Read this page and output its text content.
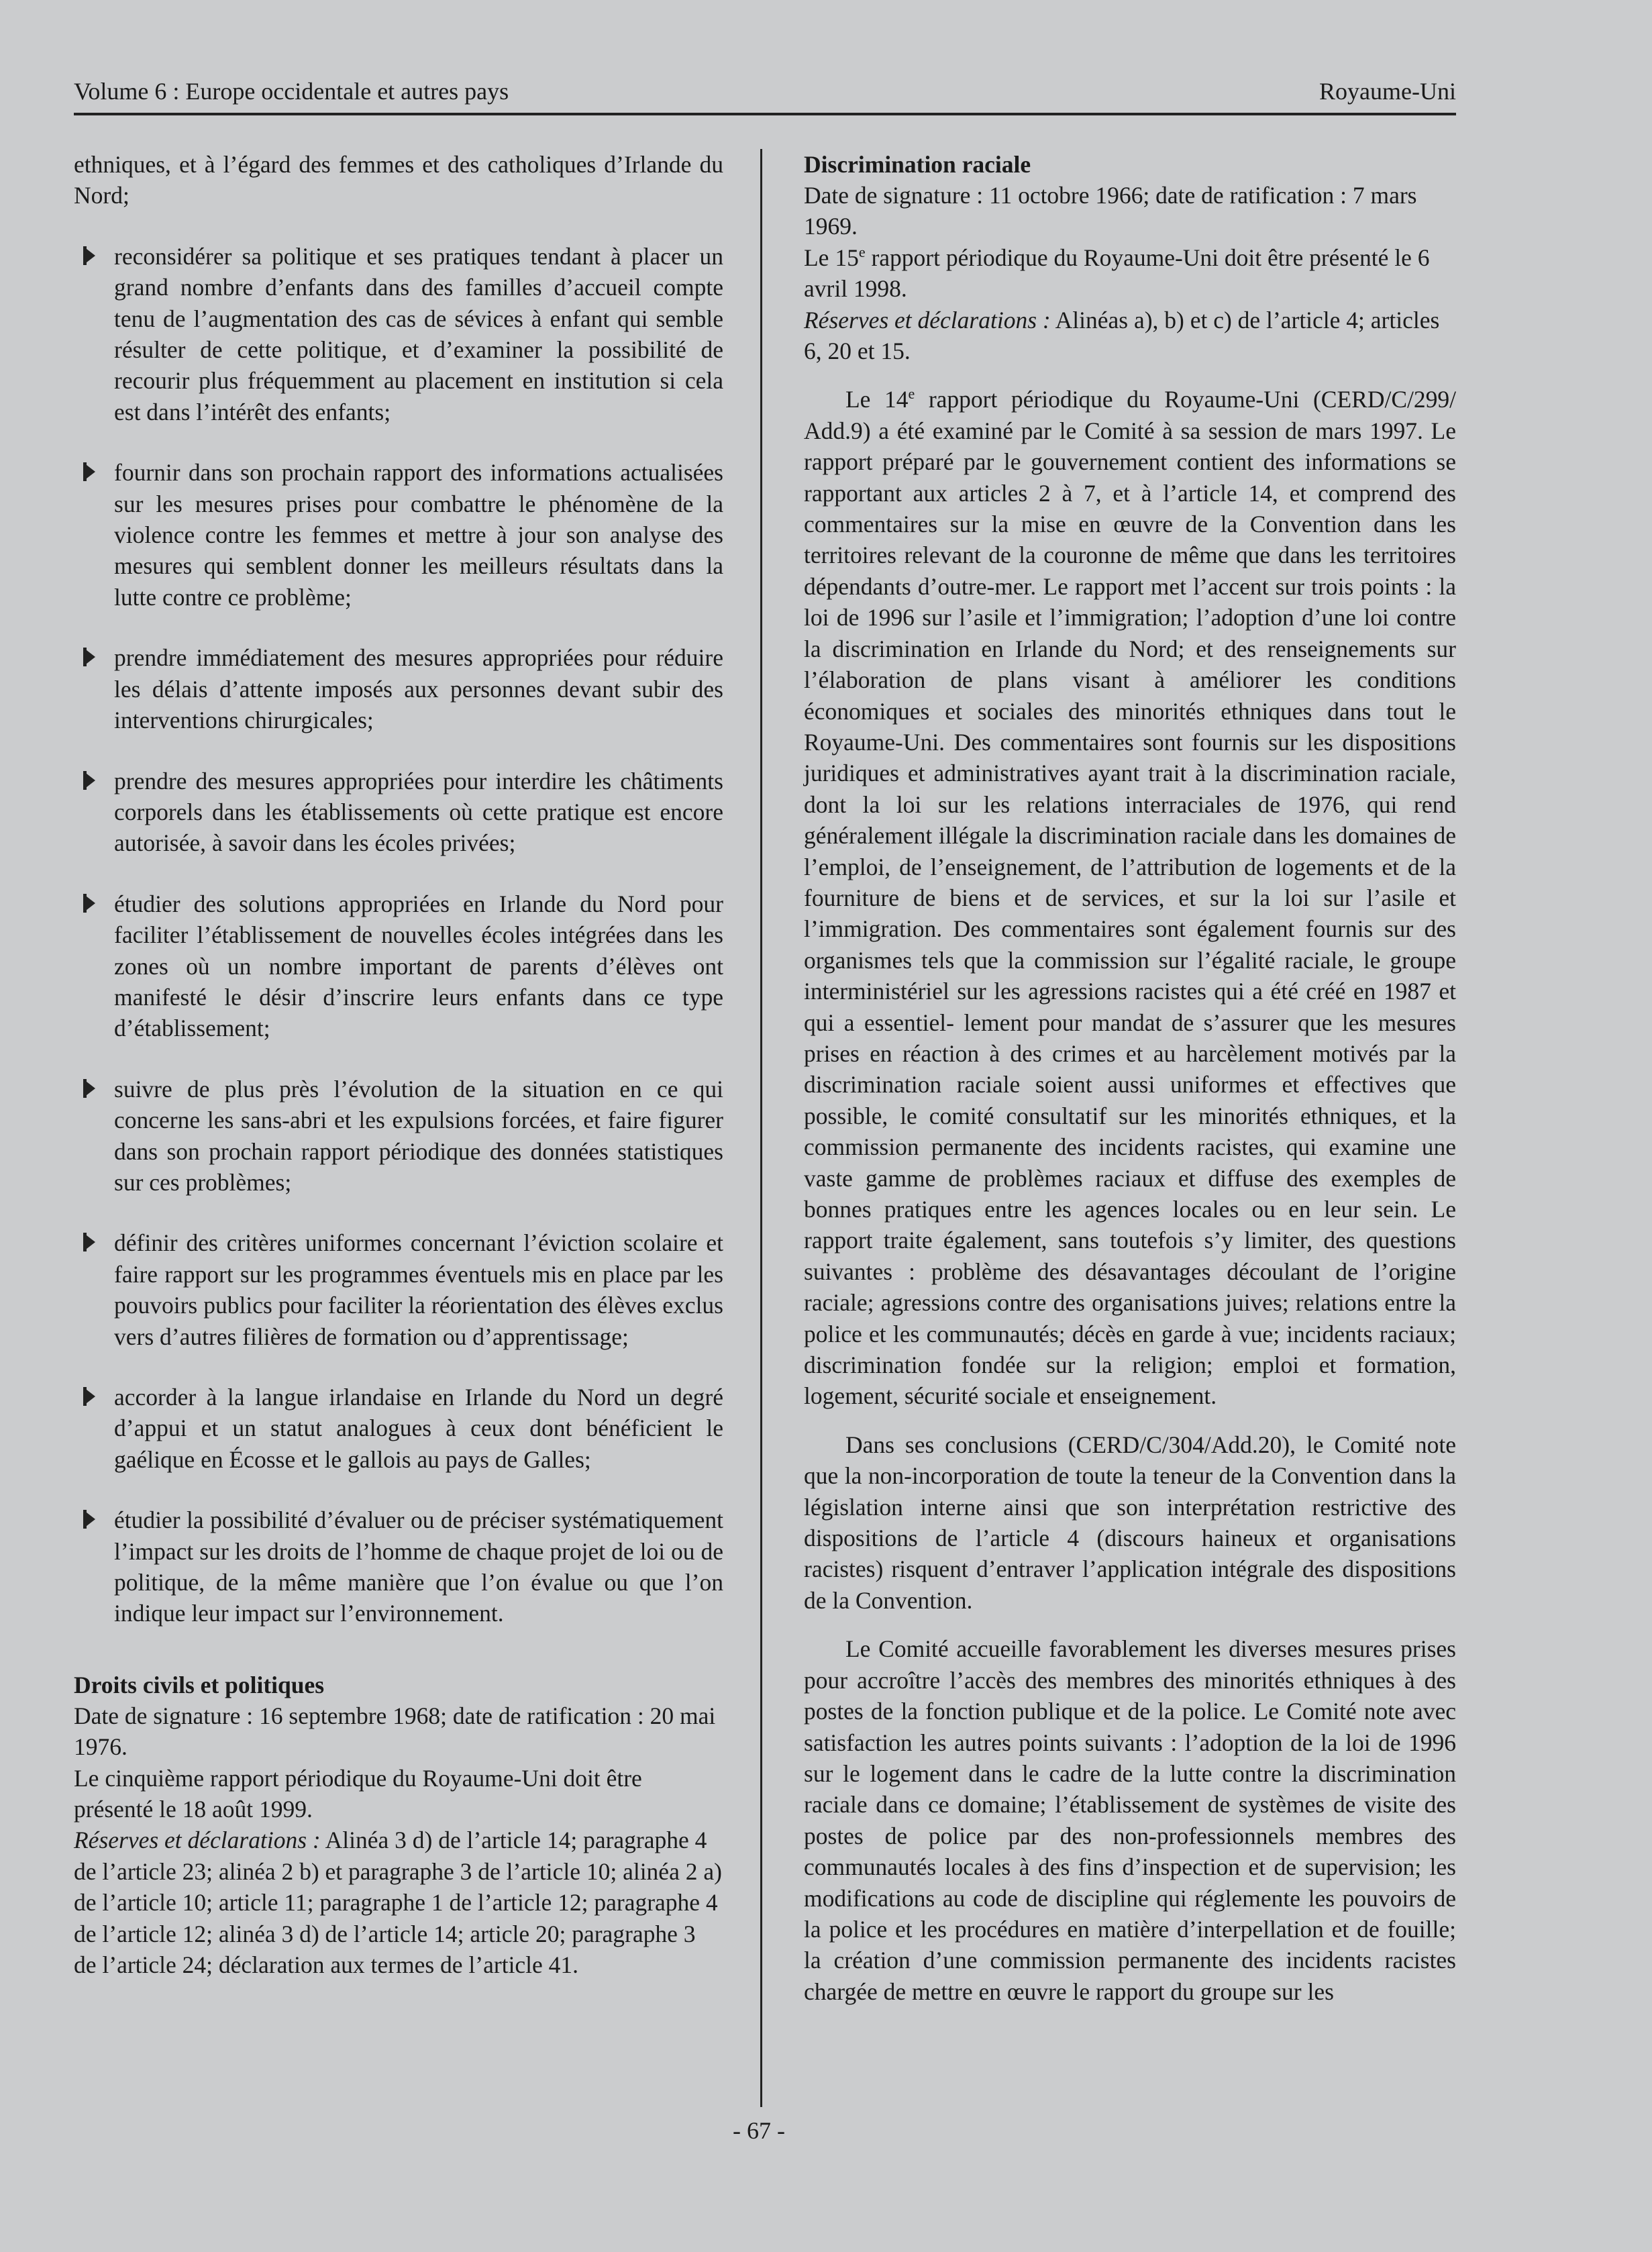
Volume 6 : Europe occidentale et autres pays	Royaume-Uni

ethniques, et à l’égard des femmes et des catholiques d’Irlande du Nord;

reconsidérer sa politique et ses pratiques tendant à placer un grand nombre d’enfants dans des familles d’accueil compte tenu de l’augmentation des cas de sévices à enfant qui semble résulter de cette politique, et d’examiner la possibilité de recourir plus fréquemment au placement en institution si cela est dans l’intérêt des enfants;

fournir dans son prochain rapport des informations actualisées sur les mesures prises pour combattre le phénomène de la violence contre les femmes et mettre à jour son analyse des mesures qui semblent donner les meilleurs résultats dans la lutte contre ce problème;

prendre immédiatement des mesures appropriées pour réduire les délais d’attente imposés aux personnes devant subir des interventions chirurgicales;

prendre des mesures appropriées pour interdire les châtiments corporels dans les établissements où cette pratique est encore autorisée, à savoir dans les écoles privées;

étudier des solutions appropriées en Irlande du Nord pour faciliter l’établissement de nouvelles écoles intégrées dans les zones où un nombre important de parents d’élèves ont manifesté le désir d’inscrire leurs enfants dans ce type d’établissement;

suivre de plus près l’évolution de la situation en ce qui concerne les sans-abri et les expulsions forcées, et faire figurer dans son prochain rapport périodique des données statistiques sur ces problèmes;

définir des critères uniformes concernant l’éviction scolaire et faire rapport sur les programmes éventuels mis en place par les pouvoirs publics pour faciliter la réorientation des élèves exclus vers d’autres filières de formation ou d’apprentissage;

accorder à la langue irlandaise en Irlande du Nord un degré d’appui et un statut analogues à ceux dont bénéficient le gaélique en Écosse et le gallois au pays de Galles;

étudier la possibilité d’évaluer ou de préciser systématiquement l’impact sur les droits de l’homme de chaque projet de loi ou de politique, de la même manière que l’on évalue ou que l’on indique leur impact sur l’environnement.

Droits civils et politiques

Date de signature : 16 septembre 1968; date de ratification : 20 mai 1976.

Le cinquième rapport périodique du Royaume-Uni doit être présenté le 18 août 1999.

Réserves et déclarations : Alinéa 3 d) de l’article 14; paragraphe 4 de l’article 23; alinéa 2 b) et paragraphe 3 de l’article 10; alinéa 2 a) de l’article 10; article 11; paragraphe 1 de l’article 12; paragraphe 4 de l’article 12; alinéa 3 d) de l’article 14; article 20; paragraphe 3 de l’article 24; déclaration aux termes de l’article 41.

Discrimination raciale

Date de signature : 11 octobre 1966; date de ratification : 7 mars 1969.

Le 15e rapport périodique du Royaume-Uni doit être présenté le 6 avril 1998.

Réserves et déclarations : Alinéas a), b) et c) de l’article 4; articles 6, 20 et 15.

Le 14e rapport périodique du Royaume-Uni (CERD/C/299/ Add.9) a été examiné par le Comité à sa session de mars 1997. Le rapport préparé par le gouvernement contient des informations se rapportant aux articles 2 à 7, et à l’article 14, et comprend des commentaires sur la mise en œuvre de la Convention dans les territoires relevant de la couronne de même que dans les territoires dépendants d’outre-mer. Le rapport met l’accent sur trois points : la loi de 1996 sur l’asile et l’immigration; l’adoption d’une loi contre la discrimination en Irlande du Nord; et des renseignements sur l’élaboration de plans visant à améliorer les conditions économiques et sociales des minorités ethniques dans tout le Royaume-Uni. Des commentaires sont fournis sur les dispositions juridiques et administratives ayant trait à la discrimination raciale, dont la loi sur les relations interraciales de 1976, qui rend généralement illégale la discrimination raciale dans les domaines de l’emploi, de l’enseignement, de l’attribution de logements et de la fourniture de biens et de services, et sur la loi sur l’asile et l’immigration. Des commentaires sont également fournis sur des organismes tels que la commission sur l’égalité raciale, le groupe interministériel sur les agressions racistes qui a été créé en 1987 et qui a essentiel- lement pour mandat de s’assurer que les mesures prises en réaction à des crimes et au harcèlement motivés par la discrimination raciale soient aussi uniformes et effectives que possible, le comité consultatif sur les minorités ethniques, et la commission permanente des incidents racistes, qui examine une vaste gamme de problèmes raciaux et diffuse des exemples de bonnes pratiques entre les agences locales ou en leur sein. Le rapport traite également, sans toutefois s’y limiter, des questions suivantes : problème des désavantages découlant de l’origine raciale; agressions contre des organisations juives; relations entre la police et les communautés; décès en garde à vue; incidents raciaux; discrimination fondée sur la religion; emploi et formation, logement, sécurité sociale et enseignement.

Dans ses conclusions (CERD/C/304/Add.20), le Comité note que la non-incorporation de toute la teneur de la Convention dans la législation interne ainsi que son interprétation restrictive des dispositions de l’article 4 (discours haineux et organisations racistes) risquent d’entraver l’application intégrale des dispositions de la Convention.

Le Comité accueille favorablement les diverses mesures prises pour accroître l’accès des membres des minorités ethniques à des postes de la fonction publique et de la police. Le Comité note avec satisfaction les autres points suivants : l’adoption de la loi de 1996 sur le logement dans le cadre de la lutte contre la discrimination raciale dans ce domaine; l’établissement de systèmes de visite des postes de police par des non-professionnels membres des communautés locales à des fins d’inspection et de supervision; les modifications au code de discipline qui réglemente les pouvoirs de la police et les procédures en matière d’interpellation et de fouille; la création d’une commission permanente des incidents racistes chargée de mettre en œuvre le rapport du groupe sur les

- 67 -
